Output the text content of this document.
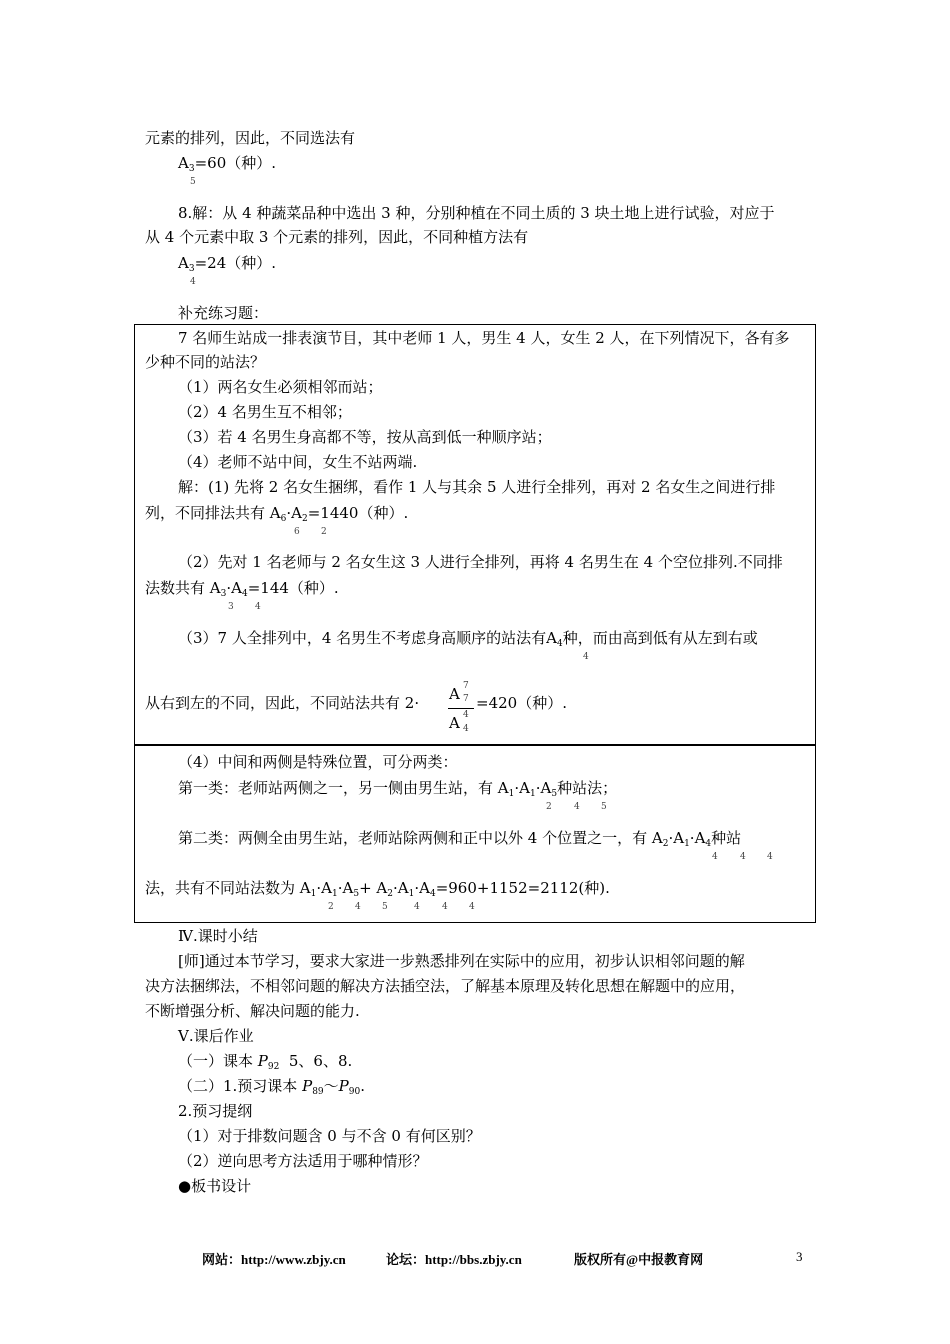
元素的排列，因此，不同选法有
$A_3=60$（种）.
5
8.解：从 4 种蔬菜品种中选出 3 种，分别种植在不同土质的 3 块土地上进行试验，对应于
从 4 个元素中取 3 个元素的排列，因此，不同种植方法有
$A_3=24$（种）.
4
补充练习题：
7 名师生站成一排表演节目，其中老师 1 人，男生 4 人，女生 2 人，在下列情况下，各有多
少种不同的站法？
（1）两名女生必须相邻而站；
（2）4 名男生互不相邻；
（3）若 4 名男生身高都不等，按从高到低一种顺序站；
（4）老师不站中间，女生不站两端.
解：(1) 先将 2 名女生捆绑，看作 1 人与其余 5 人进行全排列，再对 2 名女生之间进行排
列，不同排法共有 $A_6\cdot A_2=1440$（种）.
6 2
（2）先对 1 名老师与 2 名女生这 3 人进行全排列，再将 4 名男生在 4 个空位排列.不同排
法数共有 $A_3\cdot A_4=144$（种）.
3 4
（3）7 人全排列中，4 名男生不考虑身高顺序的站法有$A_4$种，而由高到低有从左到右或
4
从右到左的不同，因此，不同站法共有 2· A 7
7
A 4
4
=420（种）.
（4）中间和两侧是特殊位置，可分两类：
第一类：老师站两侧之一，另一侧由男生站，有 $A_1\cdot A_1\cdot A_5$种站法；
2 4 5
第二类：两侧全由男生站，老师站除两侧和正中以外 4 个位置之一，有 $A_2\cdot A_1\cdot A_4$种站
4 4 4
法，共有不同站法数为 $A_1\cdot A_1\cdot A_5+ A_2\cdot A_1\cdot A_4=960+1152=2112$(种).
2 4 5	4 4 4
Ⅳ.课时小结
[师]通过本节学习，要求大家进一步熟悉排列在实际中的应用，初步认识相邻问题的解
决方法捆绑法，不相邻问题的解决方法插空法，了解基本原理及转化思想在解题中的应用，
不断增强分析、解决问题的能力.
Ⅴ.课后作业
（一）课本 $P_{92}$ 5、6、8.
（二）1.预习课本 $P_{89}\sim P_{90}$.
2.预习提纲
（1）对于排数问题含 0 与不含 0 有何区别？
（2）逆向思考方法适用于哪种情形？
●板书设计
网站：http://www.zbjy.cn	论坛：http://bbs.zbjy.cn	版权所有@中报教育网	3
